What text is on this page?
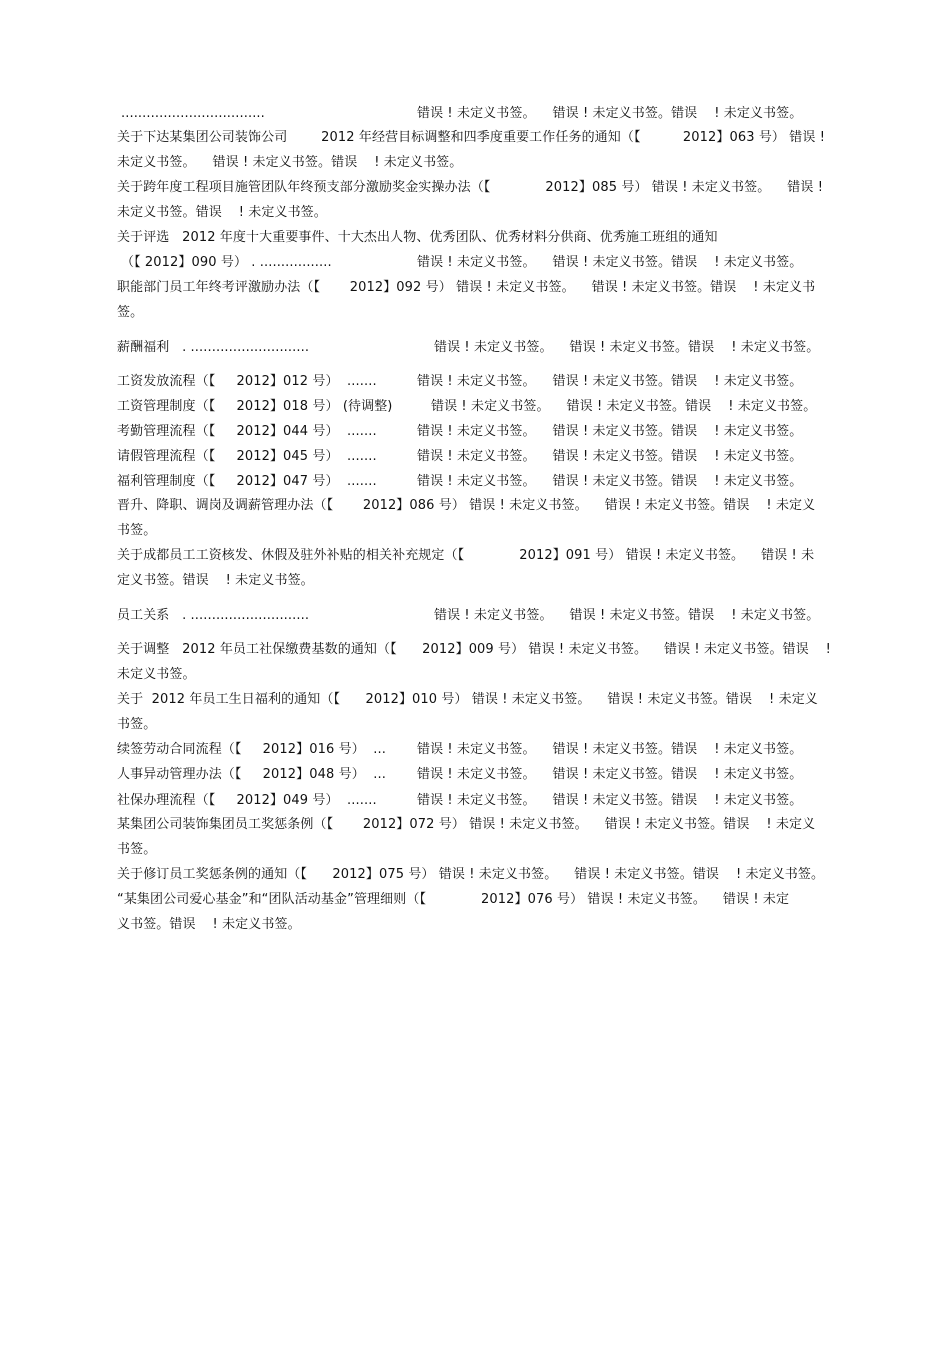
..................................	错误 ! 未定义书签。    错误 ! 未定义书签。错误    ! 未定义书签。
关于下达某集团公司装饰公司        2012 年经营目标调整和四季度重要工作任务的通知（【          2012】063 号） 错误 !
未定义书签。    错误 ! 未定义书签。错误    ! 未定义书签。
关于跨年度工程项目施管团队年终预支部分激励奖金实操办法（【             2012】085 号） 错误 ! 未定义书签。    错误 !
未定义书签。错误    ! 未定义书签。
关于评选   2012 年度十大重要事件、十大杰出人物、优秀团队、优秀材料分供商、优秀施工班组的通知
（【 2012】090 号） . .................	错误 ! 未定义书签。    错误 ! 未定义书签。错误    ! 未定义书签。
职能部门员工年终考评激励办法（【       2012】092 号） 错误 ! 未定义书签。    错误 ! 未定义书签。错误    ! 未定义书
签。
薪酬福利   . ............................	错误 ! 未定义书签。    错误 ! 未定义书签。错误    ! 未定义书签。
工资发放流程（【     2012】012 号）  .......	错误 ! 未定义书签。    错误 ! 未定义书签。错误    ! 未定义书签。
工资管理制度（【     2012】018 号） (待调整)	错误 ! 未定义书签。    错误 ! 未定义书签。错误    ! 未定义书签。
考勤管理流程（【     2012】044 号）  .......	错误 ! 未定义书签。    错误 ! 未定义书签。错误    ! 未定义书签。
请假管理流程（【     2012】045 号）  .......	错误 ! 未定义书签。    错误 ! 未定义书签。错误    ! 未定义书签。
福利管理制度（【     2012】047 号）  .......	错误 ! 未定义书签。    错误 ! 未定义书签。错误    ! 未定义书签。
晋升、降职、调岗及调薪管理办法（【       2012】086 号） 错误 ! 未定义书签。    错误 ! 未定义书签。错误    ! 未定义
书签。
关于成都员工工资核发、休假及驻外补贴的相关补充规定（【             2012】091 号） 错误 ! 未定义书签。    错误 ! 未
定义书签。错误    ! 未定义书签。
员工关系   . ............................	错误 ! 未定义书签。    错误 ! 未定义书签。错误    ! 未定义书签。
关于调整   2012 年员工社保缴费基数的通知（【      2012】009 号） 错误 ! 未定义书签。    错误 ! 未定义书签。错误    !
未定义书签。
关于  2012 年员工生日福利的通知（【      2012】010 号） 错误 ! 未定义书签。    错误 ! 未定义书签。错误    ! 未定义
书签。
续签劳动合同流程（【     2012】016 号）  ... 错误 ! 未定义书签。    错误 ! 未定义书签。错误    ! 未定义书签。
人事异动管理办法（【     2012】048 号）  ... 错误 ! 未定义书签。    错误 ! 未定义书签。错误    ! 未定义书签。
社保办理流程（【     2012】049 号）  .......	错误 ! 未定义书签。    错误 ! 未定义书签。错误    ! 未定义书签。
某集团公司装饰集团员工奖惩条例（【       2012】072 号） 错误 ! 未定义书签。    错误 ! 未定义书签。错误    ! 未定义
书签。
关于修订员工奖惩条例的通知（【      2012】075 号） 错误 ! 未定义书签。    错误 ! 未定义书签。错误    ! 未定义书签。
“某集团公司爱心基金”和“团队活动基金”管理细则（【             2012】076 号） 错误 ! 未定义书签。    错误 ! 未定
义书签。错误    ! 未定义书签。
